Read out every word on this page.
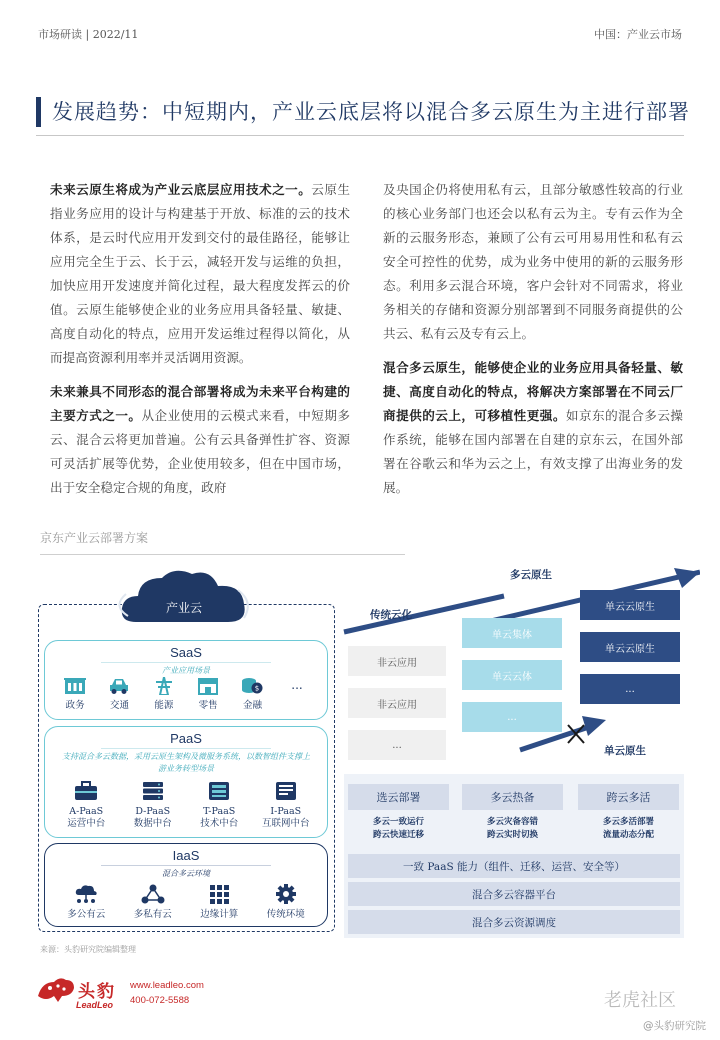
市场研读 | 2022/11	中国：产业云市场
发展趋势：中短期内，产业云底层将以混合多云原生为主进行部署

未来云原生将成为产业云底层应用技术之一。云原生指业务应用的设计与构建基于开放、标准的云的技术体系，是云时代应用开发到交付的最佳路径，能够让应用完全生于云、长于云，减轻开发与运维的负担，加快应用开发速度并简化过程，最大程度发挥云的价值。云原生能够使企业的业务应用具备轻量、敏捷、高度自动化的特点，应用开发运维过程得以简化，从而提高资源利用率并灵活调用资源。

未来兼具不同形态的混合部署将成为未来平台构建的主要方式之一。从企业使用的云模式来看，中短期多云、混合云将更加普遍。公有云具备弹性扩容、资源可灵活扩展等优势，企业使用较多，但在中国市场，出于安全稳定合规的角度，政府

及央国企仍将使用私有云，且部分敏感性较高的行业的核心业务部门也还会以私有云为主。专有云作为全新的云服务形态，兼顾了公有云可用易用性和私有云安全可控性的优势，成为业务中使用的新的云服务形态。利用多云混合环境，客户会针对不同需求，将业务相关的存储和资源分别部署到不同服务商提供的公共云、私有云及专有云上。

混合多云原生，能够使企业的业务应用具备轻量、敏捷、高度自动化的特点，将解决方案部署在不同云厂商提供的云上，可移植性更强。如京东的混合多云操作系统，能够在国内部署在自建的京东云，在国外部署在谷歌云和华为云之上，有效支撑了出海业务的发展。

京东产业云部署方案
产业云
SaaS
产业应用场景
政务	交通	能源	零售
$
金融
...

PaaS
支持混合多云数据，采用云原生架构及微服务系统，以数智组件支撑上游业务转型场景
A-PaaS
运营中台
D-PaaS
数据中台
T-PaaS
技术中台
I-PaaS
互联网中台
IaaS
混合多云环境
多公有云	多私有云	边缘计算	传统环境
传统云化
多云原生
单云原生
非云应用
非云应用
...
单云集体
单云云体
...
单云云原生
单云云原生
...
选云部署	多云热备	跨云多活
多云一致运行
跨云快速迁移
多云灾备容错
跨云实时切换
多云多活部署
流量动态分配
一致 PaaS 能力（组件、迁移、运营、安全等）
混合多云容器平台
混合多云资源调度
来源：头豹研究院编辑整理
头豹
LeadLeo
www.leadleo.com
400-072-5588	老虎社区
@头豹研究院
